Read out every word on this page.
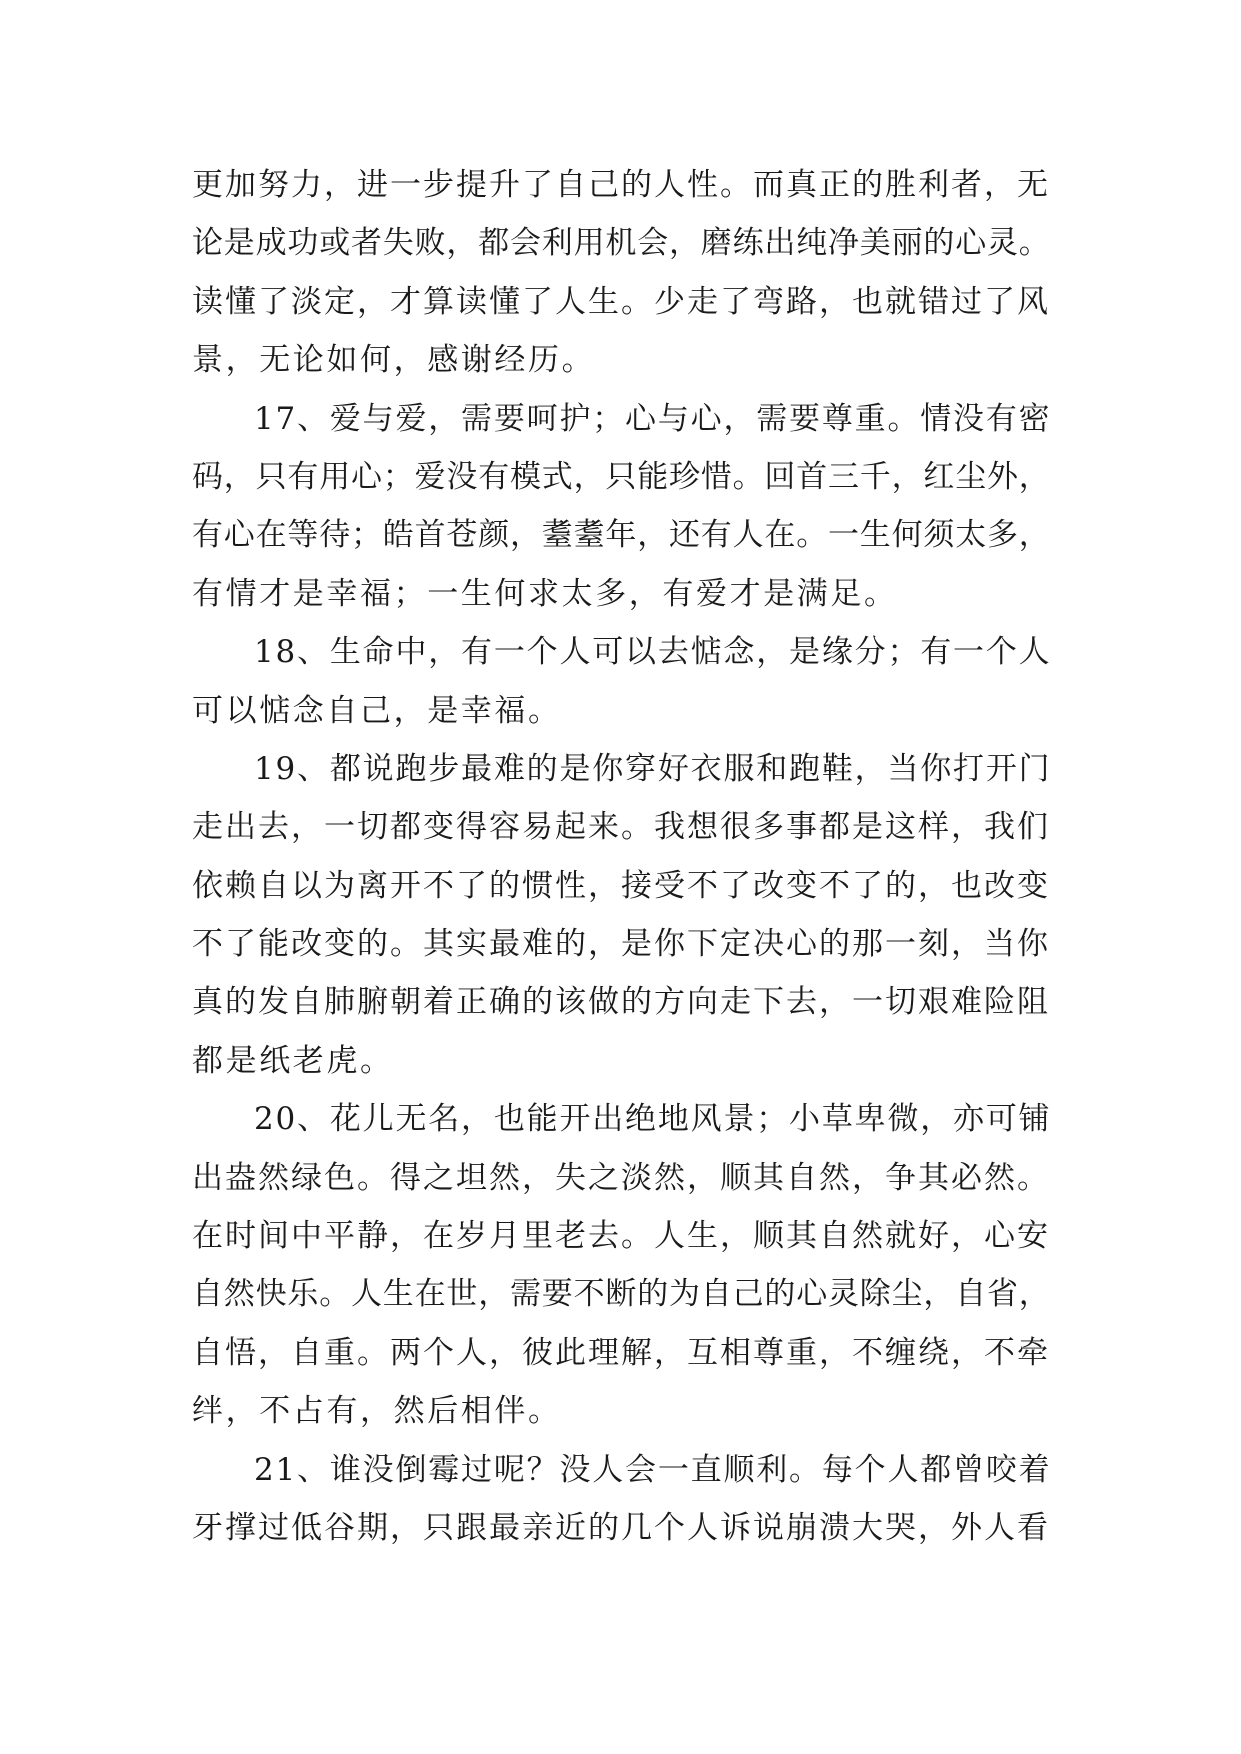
更加努力，进一步提升了自己的人性。而真正的胜利者，无
论是成功或者失败，都会利用机会，磨练出纯净美丽的心灵。
读懂了淡定，才算读懂了人生。少走了弯路，也就错过了风
景，无论如何，感谢经历。
17、爱与爱，需要呵护；心与心，需要尊重。情没有密
码，只有用心；爱没有模式，只能珍惜。回首三千，红尘外，
有心在等待；皓首苍颜，耋耋年，还有人在。一生何须太多，
有情才是幸福；一生何求太多，有爱才是满足。
18、生命中，有一个人可以去惦念，是缘分；有一个人
可以惦念自己，是幸福。
19、都说跑步最难的是你穿好衣服和跑鞋，当你打开门
走出去，一切都变得容易起来。我想很多事都是这样，我们
依赖自以为离开不了的惯性，接受不了改变不了的，也改变
不了能改变的。其实最难的，是你下定决心的那一刻，当你
真的发自肺腑朝着正确的该做的方向走下去，一切艰难险阻
都是纸老虎。
20、花儿无名，也能开出绝地风景；小草卑微，亦可铺
出盎然绿色。得之坦然，失之淡然，顺其自然，争其必然。
在时间中平静，在岁月里老去。人生，顺其自然就好，心安
自然快乐。人生在世，需要不断的为自己的心灵除尘，自省，
自悟，自重。两个人，彼此理解，互相尊重，不缠绕，不牵
绊，不占有，然后相伴。
21、谁没倒霉过呢？没人会一直顺利。每个人都曾咬着
牙撑过低谷期，只跟最亲近的几个人诉说崩溃大哭，外人看
